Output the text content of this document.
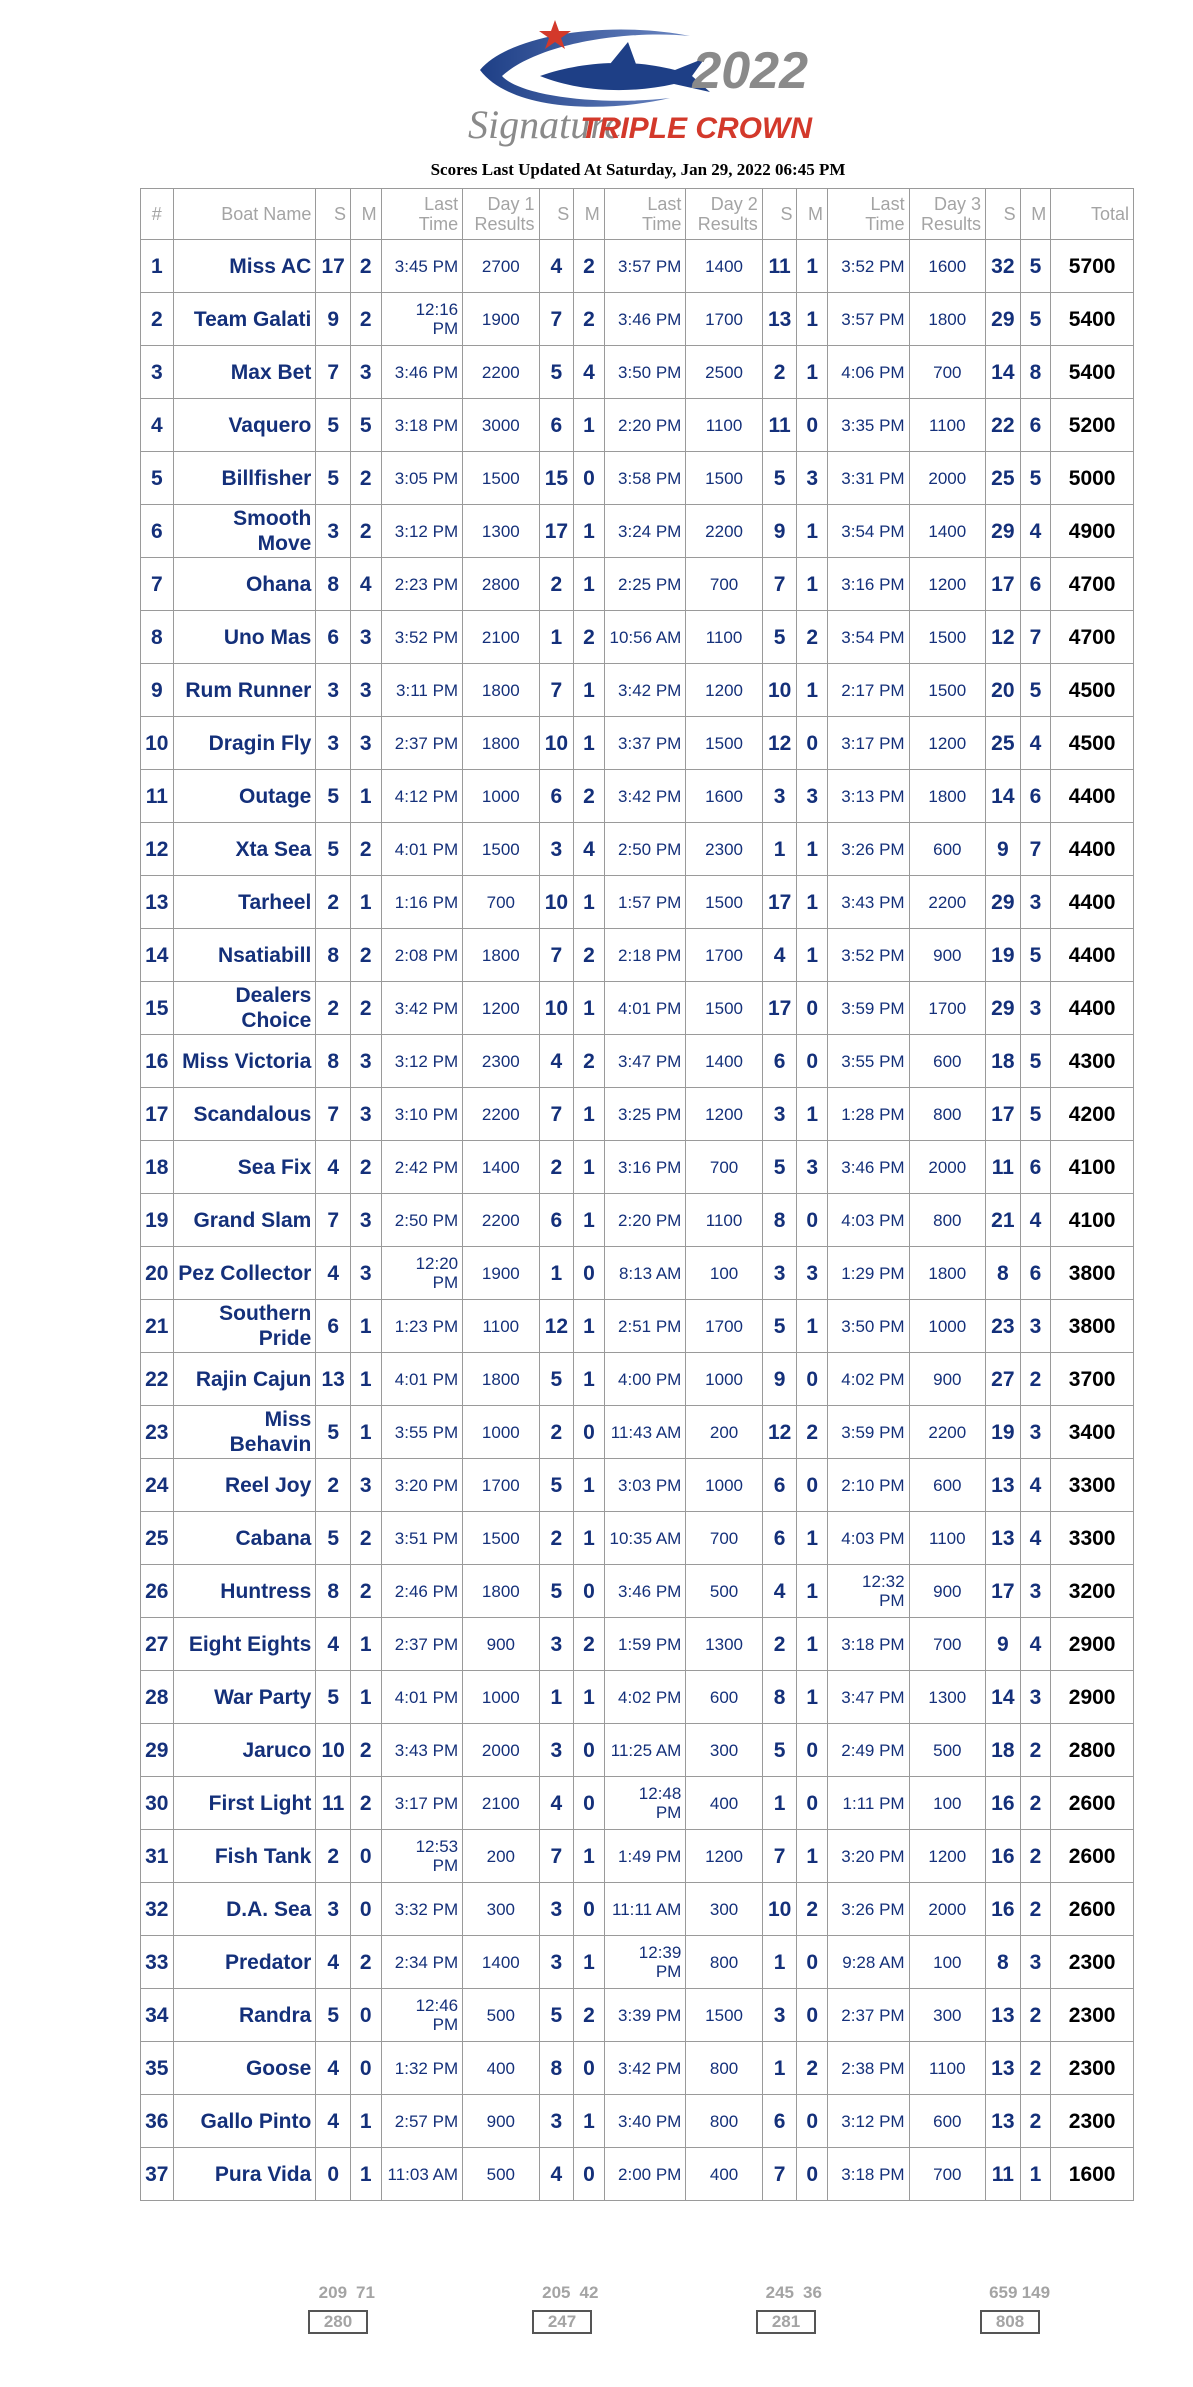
2022
Signature
TRIPLE CROWN
Scores Last Updated At Saturday, Jan 29, 2022 06:45 PM
#	Boat Name	S	M	Last Time	Day 1 Results	S	M	Last Time	Day 2 Results	S	M	Last Time	Day 3 Results	S	M	Total
1	Miss AC	17	2	3:45 PM	2700	4	2	3:57 PM	1400	11	1	3:52 PM	1600	32	5	5700
2	Team Galati	9	2	12:16 PM	1900	7	2	3:46 PM	1700	13	1	3:57 PM	1800	29	5	5400
3	Max Bet	7	3	3:46 PM	2200	5	4	3:50 PM	2500	2	1	4:06 PM	700	14	8	5400
4	Vaquero	5	5	3:18 PM	3000	6	1	2:20 PM	1100	11	0	3:35 PM	1100	22	6	5200
5	Billfisher	5	2	3:05 PM	1500	15	0	3:58 PM	1500	5	3	3:31 PM	2000	25	5	5000
6	Smooth Move	3	2	3:12 PM	1300	17	1	3:24 PM	2200	9	1	3:54 PM	1400	29	4	4900
7	Ohana	8	4	2:23 PM	2800	2	1	2:25 PM	700	7	1	3:16 PM	1200	17	6	4700
8	Uno Mas	6	3	3:52 PM	2100	1	2	10:56 AM	1100	5	2	3:54 PM	1500	12	7	4700
9	Rum Runner	3	3	3:11 PM	1800	7	1	3:42 PM	1200	10	1	2:17 PM	1500	20	5	4500
10	Dragin Fly	3	3	2:37 PM	1800	10	1	3:37 PM	1500	12	0	3:17 PM	1200	25	4	4500
11	Outage	5	1	4:12 PM	1000	6	2	3:42 PM	1600	3	3	3:13 PM	1800	14	6	4400
12	Xta Sea	5	2	4:01 PM	1500	3	4	2:50 PM	2300	1	1	3:26 PM	600	9	7	4400
13	Tarheel	2	1	1:16 PM	700	10	1	1:57 PM	1500	17	1	3:43 PM	2200	29	3	4400
14	Nsatiabill	8	2	2:08 PM	1800	7	2	2:18 PM	1700	4	1	3:52 PM	900	19	5	4400
15	Dealers Choice	2	2	3:42 PM	1200	10	1	4:01 PM	1500	17	0	3:59 PM	1700	29	3	4400
16	Miss Victoria	8	3	3:12 PM	2300	4	2	3:47 PM	1400	6	0	3:55 PM	600	18	5	4300
17	Scandalous	7	3	3:10 PM	2200	7	1	3:25 PM	1200	3	1	1:28 PM	800	17	5	4200
18	Sea Fix	4	2	2:42 PM	1400	2	1	3:16 PM	700	5	3	3:46 PM	2000	11	6	4100
19	Grand Slam	7	3	2:50 PM	2200	6	1	2:20 PM	1100	8	0	4:03 PM	800	21	4	4100
20	Pez Collector	4	3	12:20 PM	1900	1	0	8:13 AM	100	3	3	1:29 PM	1800	8	6	3800
21	Southern Pride	6	1	1:23 PM	1100	12	1	2:51 PM	1700	5	1	3:50 PM	1000	23	3	3800
22	Rajin Cajun	13	1	4:01 PM	1800	5	1	4:00 PM	1000	9	0	4:02 PM	900	27	2	3700
23	Miss Behavin	5	1	3:55 PM	1000	2	0	11:43 AM	200	12	2	3:59 PM	2200	19	3	3400
24	Reel Joy	2	3	3:20 PM	1700	5	1	3:03 PM	1000	6	0	2:10 PM	600	13	4	3300
25	Cabana	5	2	3:51 PM	1500	2	1	10:35 AM	700	6	1	4:03 PM	1100	13	4	3300
26	Huntress	8	2	2:46 PM	1800	5	0	3:46 PM	500	4	1	12:32 PM	900	17	3	3200
27	Eight Eights	4	1	2:37 PM	900	3	2	1:59 PM	1300	2	1	3:18 PM	700	9	4	2900
28	War Party	5	1	4:01 PM	1000	1	1	4:02 PM	600	8	1	3:47 PM	1300	14	3	2900
29	Jaruco	10	2	3:43 PM	2000	3	0	11:25 AM	300	5	0	2:49 PM	500	18	2	2800
30	First Light	11	2	3:17 PM	2100	4	0	12:48 PM	400	1	0	1:11 PM	100	16	2	2600
31	Fish Tank	2	0	12:53 PM	200	7	1	1:49 PM	1200	7	1	3:20 PM	1200	16	2	2600
32	D.A. Sea	3	0	3:32 PM	300	3	0	11:11 AM	300	10	2	3:26 PM	2000	16	2	2600
33	Predator	4	2	2:34 PM	1400	3	1	12:39 PM	800	1	0	9:28 AM	100	8	3	2300
34	Randra	5	0	12:46 PM	500	5	2	3:39 PM	1500	3	0	2:37 PM	300	13	2	2300
35	Goose	4	0	1:32 PM	400	8	0	3:42 PM	800	1	2	2:38 PM	1100	13	2	2300
36	Gallo Pinto	4	1	2:57 PM	900	3	1	3:40 PM	800	6	0	3:12 PM	600	13	2	2300
37	Pura Vida	0	1	11:03 AM	500	4	0	2:00 PM	400	7	0	3:18 PM	700	11	1	1600
		209	71			205	42			245	36			659	149	
280	247	281	808
